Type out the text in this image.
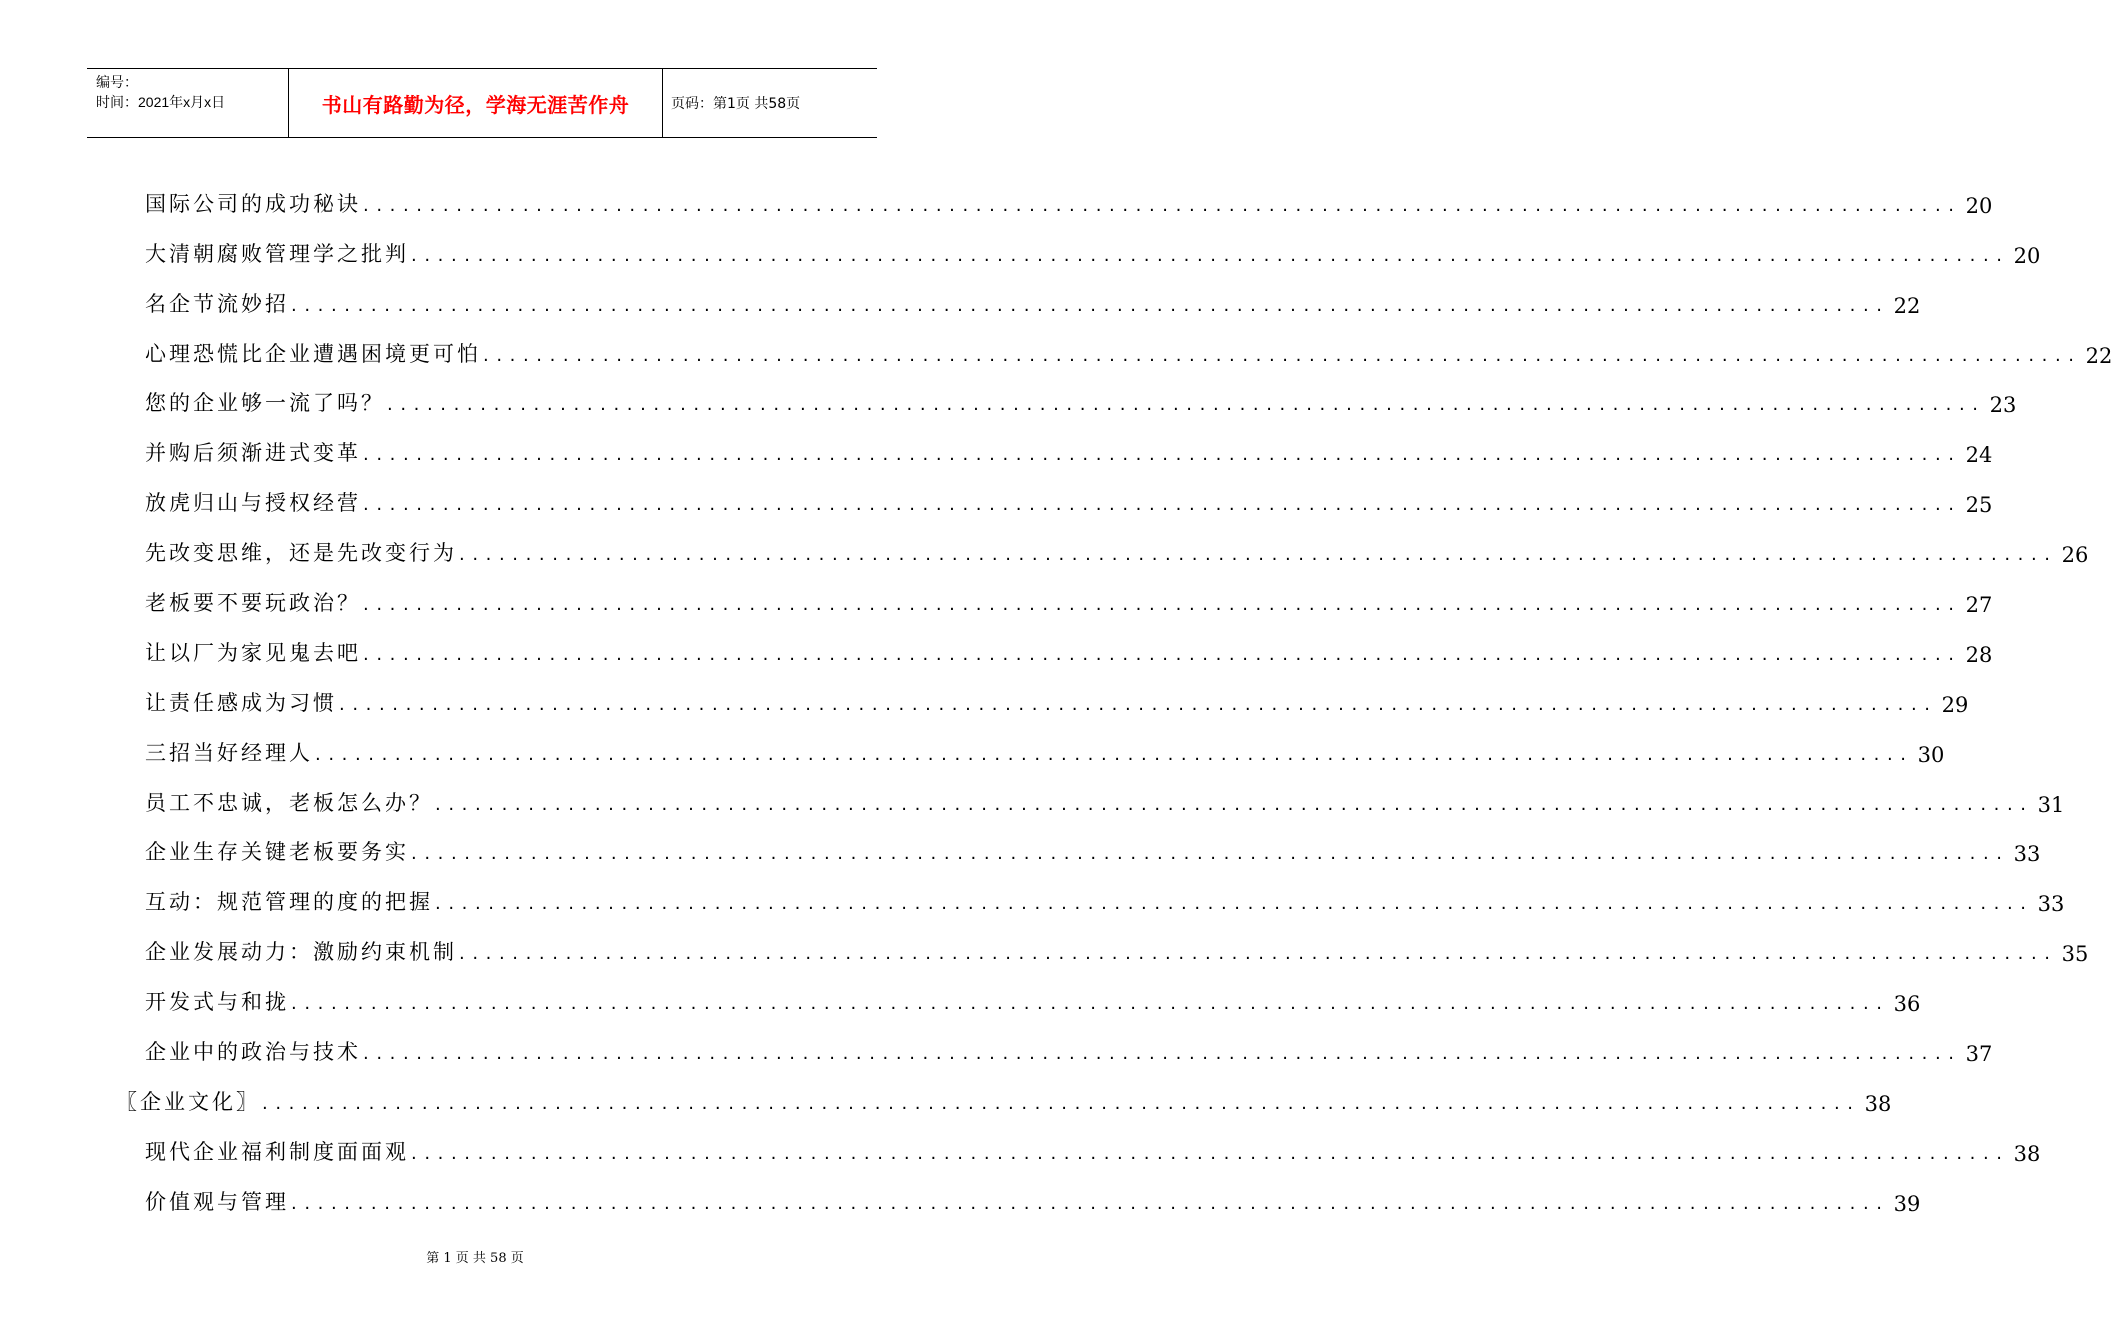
编号：
时间：2021年x月x日	书山有路勤为径，学海无涯苦作舟	页码：第1页 共58页
国际公司的成功秘诀 ........................................................................................................................ 20
大清朝腐败管理学之批判 ........................................................................................................................ 20
名企节流妙招 ........................................................................................................................ 22
心理恐慌比企业遭遇困境更可怕 ........................................................................................................................ 22
您的企业够一流了吗？ ........................................................................................................................ 23
并购后须渐进式变革 ........................................................................................................................ 24
放虎归山与授权经营 ........................................................................................................................ 25
先改变思维，还是先改变行为 ........................................................................................................................ 26
老板要不要玩政治？ ........................................................................................................................ 27
让以厂为家见鬼去吧 ........................................................................................................................ 28
让责任感成为习惯 ........................................................................................................................ 29
三招当好经理人 ........................................................................................................................ 30
员工不忠诚，老板怎么办？ ........................................................................................................................ 31
企业生存关键老板要务实 ........................................................................................................................ 33
互动：规范管理的度的把握 ........................................................................................................................ 33
企业发展动力：激励约束机制 ........................................................................................................................ 35
开发式与和拢 ........................................................................................................................ 36
企业中的政治与技术 ........................................................................................................................ 37
〖企业文化〗 ........................................................................................................................ 38
现代企业福利制度面面观 ........................................................................................................................ 38
价值观与管理 ........................................................................................................................ 39
第 1 页 共 58 页
